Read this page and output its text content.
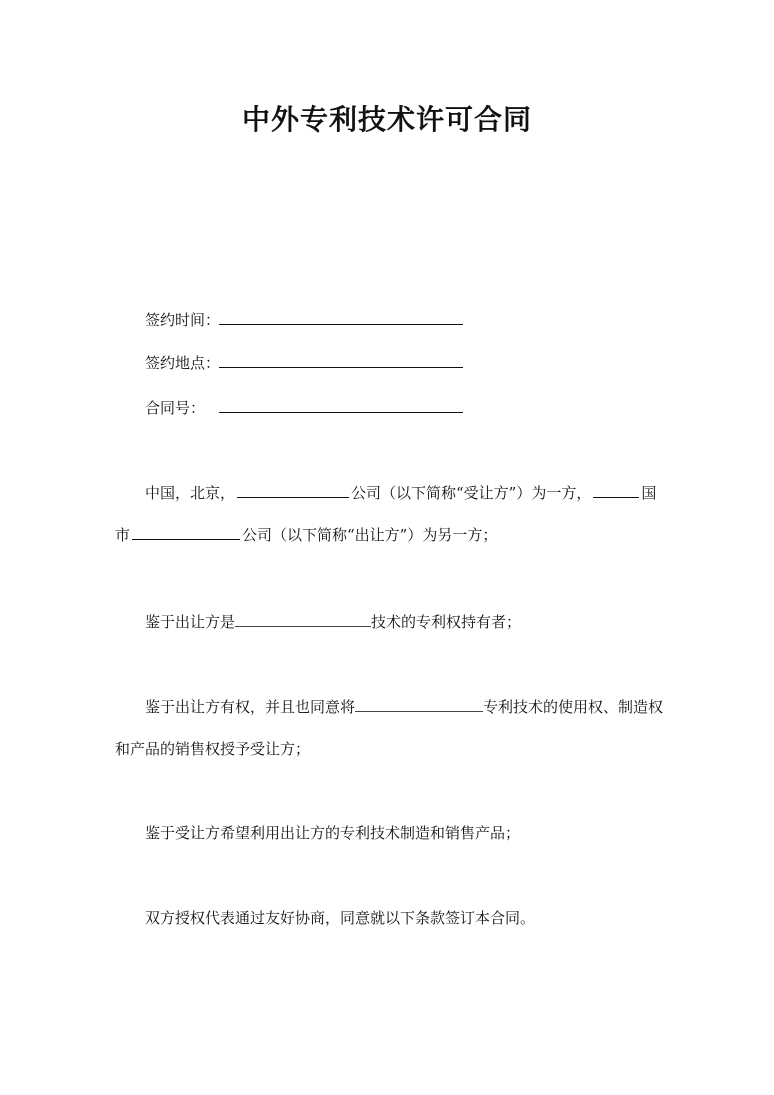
中外专利技术许可合同
签约时间：
签约地点：
合同号：
中国，北京，	公司（以下简称“受让方”）为一方，	国
市	公司（以下简称“出让方”）为另一方；
鉴于出让方是	技术的专利权持有者；
鉴于出让方有权，并且也同意将	专利技术的使用权、制造权
和产品的销售权授予受让方；
鉴于受让方希望利用出让方的专利技术制造和销售产品；
双方授权代表通过友好协商，同意就以下条款签订本合同。
